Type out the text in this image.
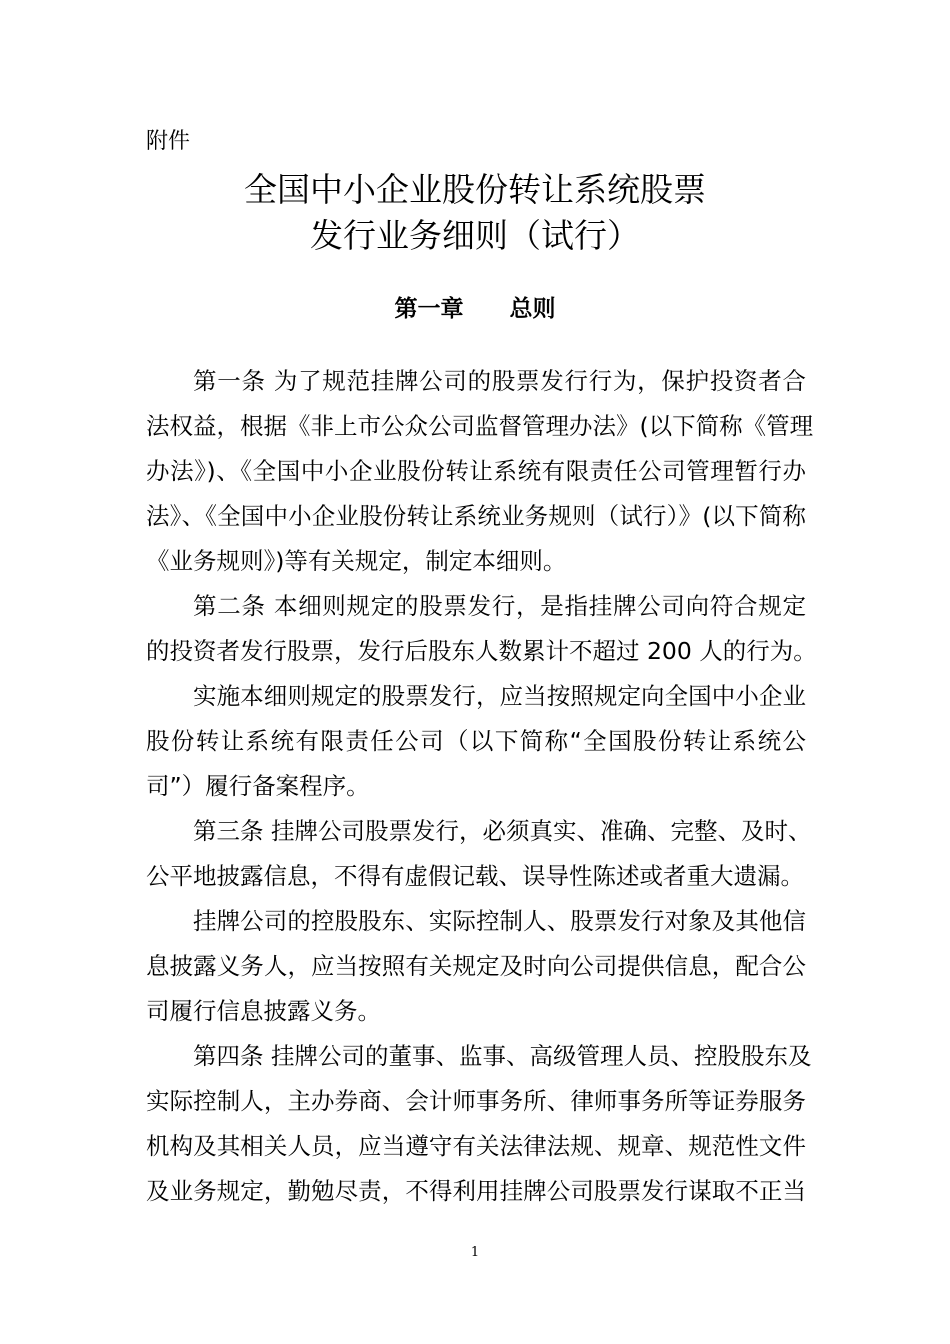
附件
全国中小企业股份转让系统股票
发行业务细则（试行）
第一章　　总则
第一条 为了规范挂牌公司的股票发行行为，保护投资者合
法权益，根据《非上市公众公司监督管理办法》(以下简称《管理
办法》)、《全国中小企业股份转让系统有限责任公司管理暂行办
法》、《全国中小企业股份转让系统业务规则（试行）》(以下简称
《业务规则》)等有关规定，制定本细则。
第二条 本细则规定的股票发行，是指挂牌公司向符合规定
的投资者发行股票，发行后股东人数累计不超过 200 人的行为。
实施本细则规定的股票发行，应当按照规定向全国中小企业
股份转让系统有限责任公司（以下简称“全国股份转让系统公
司”）履行备案程序。
第三条 挂牌公司股票发行，必须真实、准确、完整、及时、
公平地披露信息，不得有虚假记载、误导性陈述或者重大遗漏。
挂牌公司的控股股东、实际控制人、股票发行对象及其他信
息披露义务人，应当按照有关规定及时向公司提供信息，配合公
司履行信息披露义务。
第四条 挂牌公司的董事、监事、高级管理人员、控股股东及
实际控制人，主办券商、会计师事务所、律师事务所等证券服务
机构及其相关人员，应当遵守有关法律法规、规章、规范性文件
及业务规定，勤勉尽责，不得利用挂牌公司股票发行谋取不正当
1
